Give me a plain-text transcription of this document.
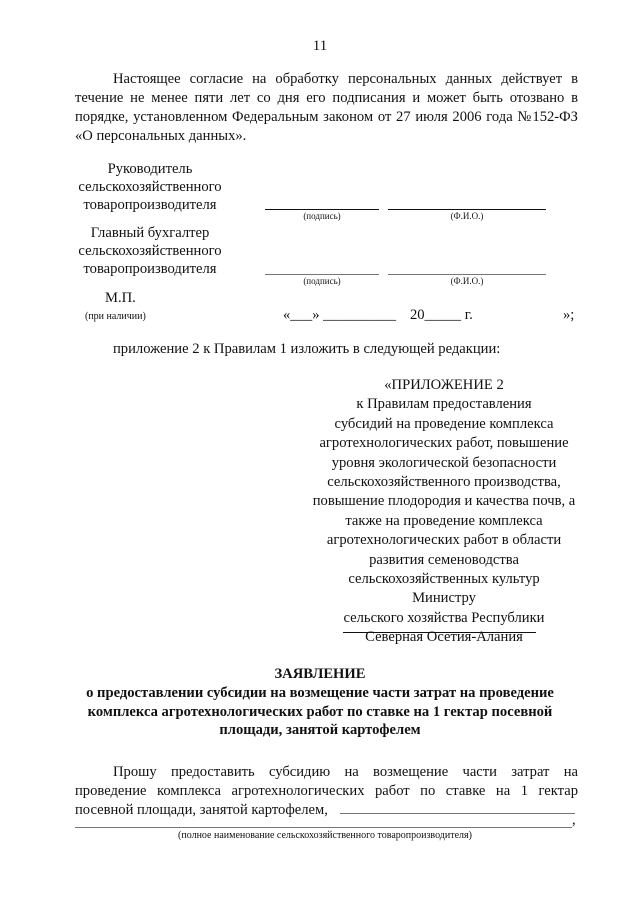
11
Настоящее согласие на обработку персональных данных действует в течение не менее пяти лет со дня его подписания и может быть отозвано в порядке, установленном Федеральным законом от 27 июля 2006 года №152-ФЗ «О персональных данных».
Руководитель сельскохозяйственного товаропроизводителя
(подпись)	(Ф.И.О.)
Главный бухгалтер сельскохозяйственного товаропроизводителя
(подпись)	(Ф.И.О.)
М.П.
(при наличии)	«___» __________ 20_____ г.	»;
приложение 2 к Правилам 1 изложить в следующей редакции:
«ПРИЛОЖЕНИЕ 2
к Правилам предоставления
субсидий на проведение комплекса
агротехнологических работ, повышение
уровня экологической безопасности
сельскохозяйственного производства,
повышение плодородия и качества почв, а
также на проведение комплекса
агротехнологических работ в области
развития семеноводства
сельскохозяйственных культур
Министру
сельского хозяйства Республики
Северная Осетия-Алания
ЗАЯВЛЕНИЕ
о предоставлении субсидии на возмещение части затрат на проведение комплекса агротехнологических работ по ставке на 1 гектар посевной площади, занятой картофелем
Прошу предоставить субсидию на возмещение части затрат на проведение комплекса агротехнологических работ по ставке на 1 гектар посевной площади, занятой картофелем,
,
(полное наименование сельскохозяйственного товаропроизводителя)
